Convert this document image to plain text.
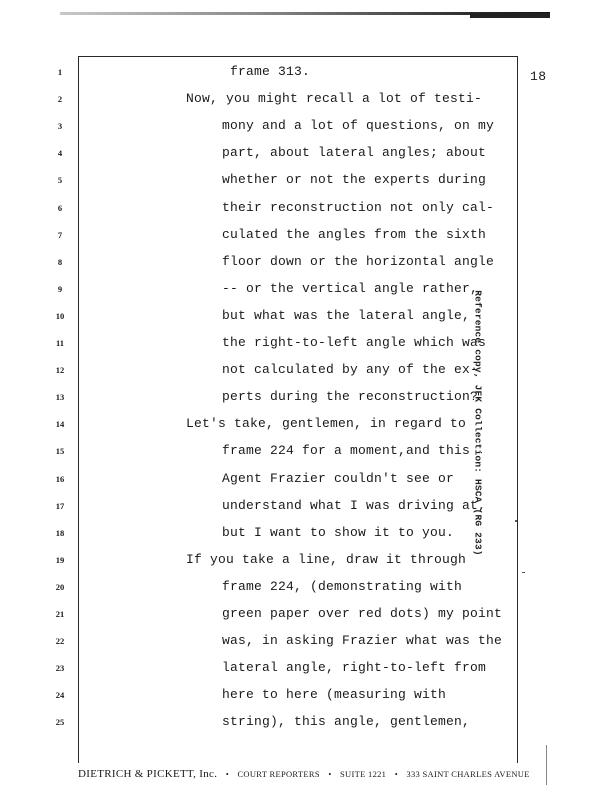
18
1
2
3
4
5
6
7
8
9
10
11
12
13
14
15
16
17
18
19
20
21
22
23
24
25
frame 313.
Now, you might recall a lot of testi-
mony and a lot of questions, on my
part, about lateral angles; about
whether or not the experts during
their reconstruction not only cal-
culated the angles from the sixth
floor down or the horizontal angle
-- or the vertical angle rather,
but what was the lateral angle,
the right-to-left angle which was
not calculated by any of the ex-
perts during the reconstruction?
Let's take, gentlemen, in regard to
frame 224 for a moment,and this
Agent Frazier couldn't see or
understand what I was driving at,
but I want to show it to you.
If you take a line, draw it through
frame 224, (demonstrating with
green paper over red dots) my point
was, in asking Frazier what was the
lateral angle, right-to-left from
here to here (measuring with
string), this angle, gentlemen,
Reference copy, JFK Collection: HSCA (RG 233)
DIETRICH & PICKETT, Inc. • COURT REPORTERS • SUITE 1221 • 333 SAINT CHARLES AVENUE
